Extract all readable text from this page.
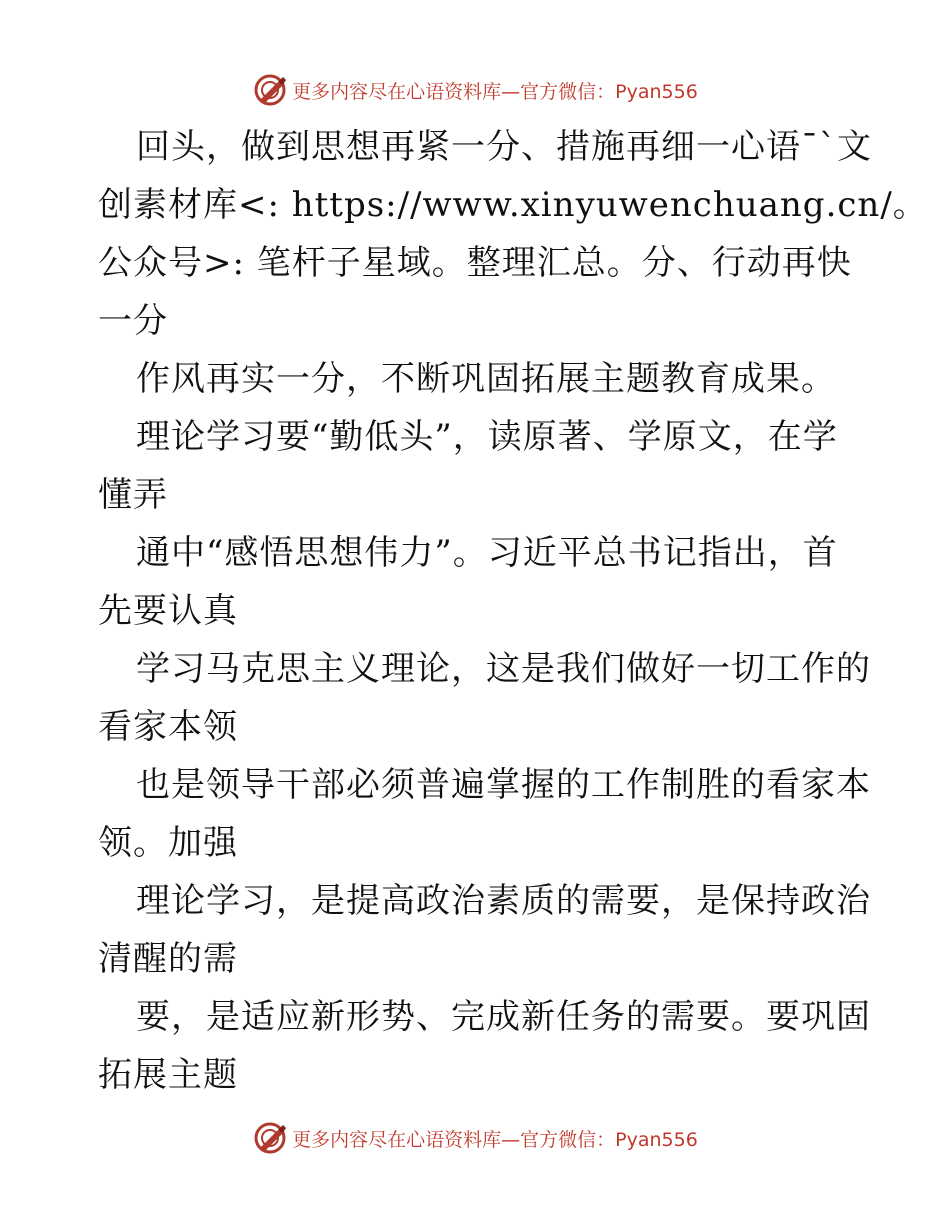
更多内容尽在心语资料库—官方微信：Pyan556
回头，做到思想再紧一分、措施再细一心语¯`文
创素材库<: https://www.xinyuwenchuang.cn/。
公众号>: 笔杆子星域。整理汇总。分、行动再快
一分
作风再实一分，不断巩固拓展主题教育成果。
理论学习要“勤低头”，读原著、学原文，在学
懂弄
通中“感悟思想伟力”。习近平总书记指出，首
先要认真
学习马克思主义理论，这是我们做好一切工作的
看家本领
也是领导干部必须普遍掌握的工作制胜的看家本
领。加强
理论学习，是提高政治素质的需要，是保持政治
清醒的需
要，是适应新形势、完成新任务的需要。要巩固
拓展主题
更多内容尽在心语资料库—官方微信：Pyan556
